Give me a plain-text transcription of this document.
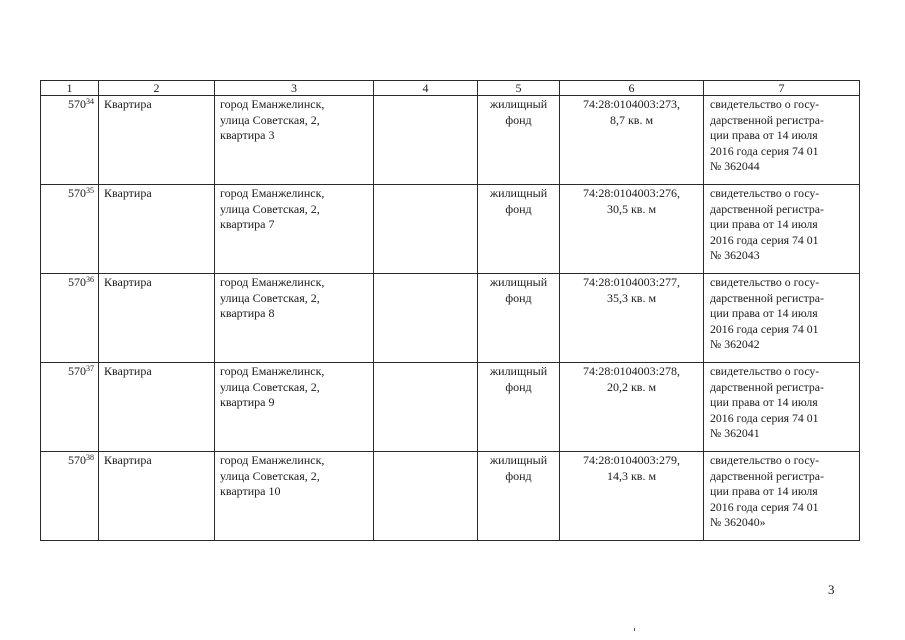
1	2	3	4	5	6	7
$570^{34}$	Квартира	город Еманжелинск,
улица Советская, 2,
квартира 3		жилищный
фонд	74:28:0104003:273,
8,7 кв. м	свидетельство о госу-
дарственной регистра-
ции права от 14 июля
2016 года серия 74 01
№ 362044

$570^{35}$	Квартира	город Еманжелинск,
улица Советская, 2,
квартира 7		жилищный
фонд	74:28:0104003:276,
30,5 кв. м	свидетельство о госу-
дарственной регистра-
ции права от 14 июля
2016 года серия 74 01
№ 362043

$570^{36}$	Квартира	город Еманжелинск,
улица Советская, 2,
квартира 8		жилищный
фонд	74:28:0104003:277,
35,3 кв. м	свидетельство о госу-
дарственной регистра-
ции права от 14 июля
2016 года серия 74 01
№ 362042

$570^{37}$	Квартира	город Еманжелинск,
улица Советская, 2,
квартира 9		жилищный
фонд	74:28:0104003:278,
20,2 кв. м	свидетельство о госу-
дарственной регистра-
ции права от 14 июля
2016 года серия 74 01
№ 362041

$570^{38}$	Квартира	город Еманжелинск,
улица Советская, 2,
квартира 10		жилищный
фонд	74:28:0104003:279,
14,3 кв. м	свидетельство о госу-
дарственной регистра-
ции права от 14 июля
2016 года серия 74 01
№ 362040»
3
